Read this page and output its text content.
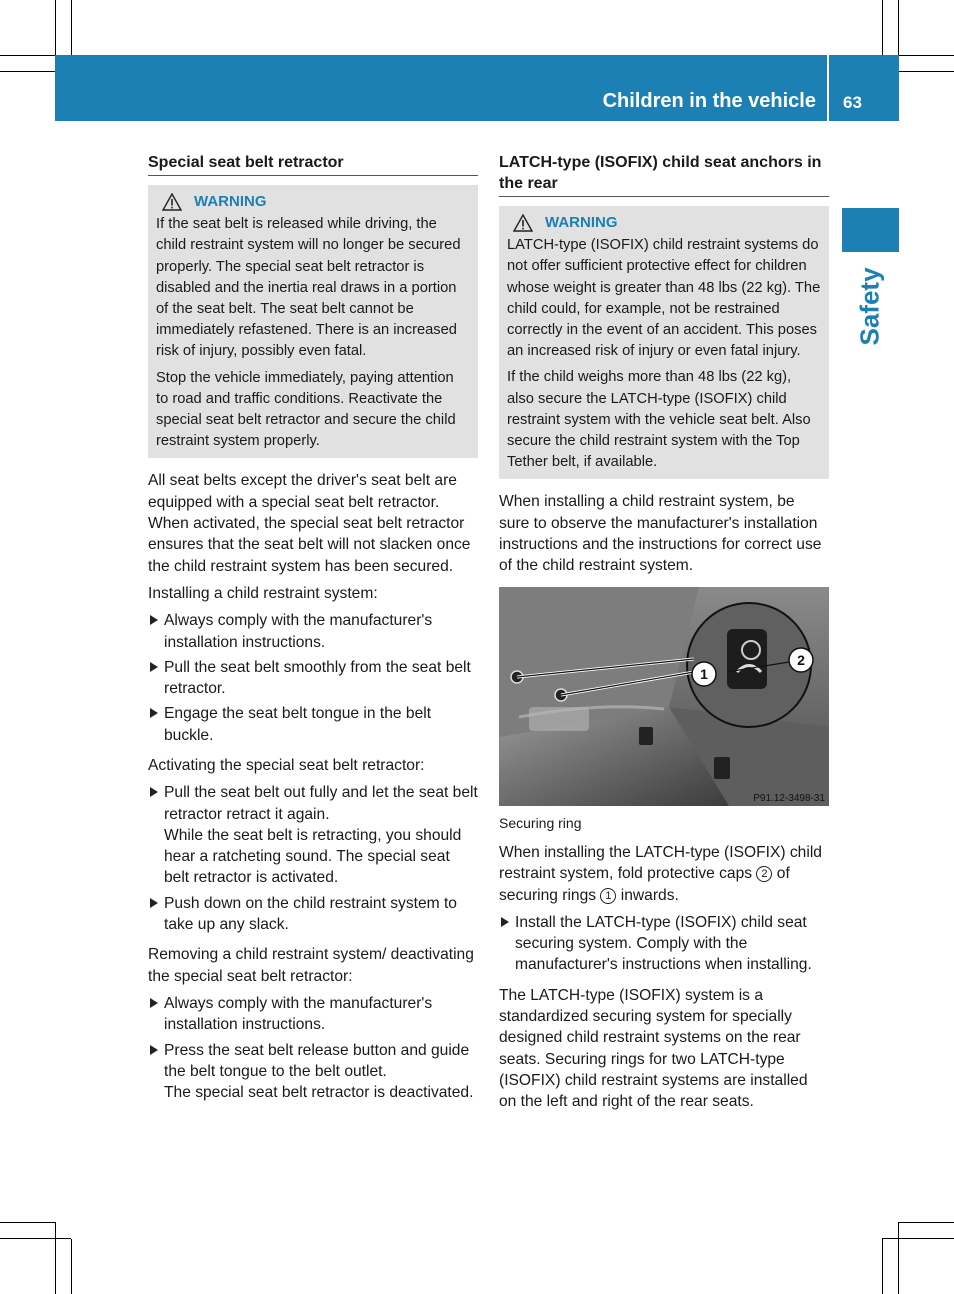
Children in the vehicle 63
Safety
Special seat belt retractor
WARNING

If the seat belt is released while driving, the child restraint system will no longer be secured properly. The special seat belt retractor is disabled and the inertia real draws in a portion of the seat belt. The seat belt cannot be immediately refastened. There is an increased risk of injury, possibly even fatal.

Stop the vehicle immediately, paying attention to road and traffic conditions. Reactivate the special seat belt retractor and secure the child restraint system properly.

All seat belts except the driver's seat belt are equipped with a special seat belt retractor. When activated, the special seat belt retractor ensures that the seat belt will not slacken once the child restraint system has been secured.

Installing a child restraint system:

Always comply with the manufacturer's installation instructions.
Pull the seat belt smoothly from the seat belt retractor.
Engage the seat belt tongue in the belt buckle.

Activating the special seat belt retractor:

Pull the seat belt out fully and let the seat belt retractor retract it again.
While the seat belt is retracting, you should hear a ratcheting sound. The special seat belt retractor is activated.
Push down on the child restraint system to take up any slack.

Removing a child restraint system/ deactivating the special seat belt retractor:

Always comply with the manufacturer's installation instructions.
Press the seat belt release button and guide the belt tongue to the belt outlet.
The special seat belt retractor is deactivated.
LATCH-type (ISOFIX) child seat anchors in the rear
WARNING

LATCH-type (ISOFIX) child restraint systems do not offer sufficient protective effect for children whose weight is greater than 48 lbs (22 kg). The child could, for example, not be restrained correctly in the event of an accident. This poses an increased risk of injury or even fatal injury.

If the child weighs more than 48 lbs (22 kg), also secure the LATCH-type (ISOFIX) child restraint system with the vehicle seat belt. Also secure the child restraint system with the Top Tether belt, if available.

When installing a child restraint system, be sure to observe the manufacturer's installation instructions and the instructions for correct use of the child restraint system.

1
2
P91.12-3498-31
Securing ring

When installing the LATCH-type (ISOFIX) child restraint system, fold protective caps 2 of securing rings 1 inwards.

Install the LATCH-type (ISOFIX) child seat securing system. Comply with the manufacturer's instructions when installing.

The LATCH-type (ISOFIX) system is a standardized securing system for specially designed child restraint systems on the rear seats. Securing rings for two LATCH-type (ISOFIX) child restraint systems are installed on the left and right of the rear seats.
